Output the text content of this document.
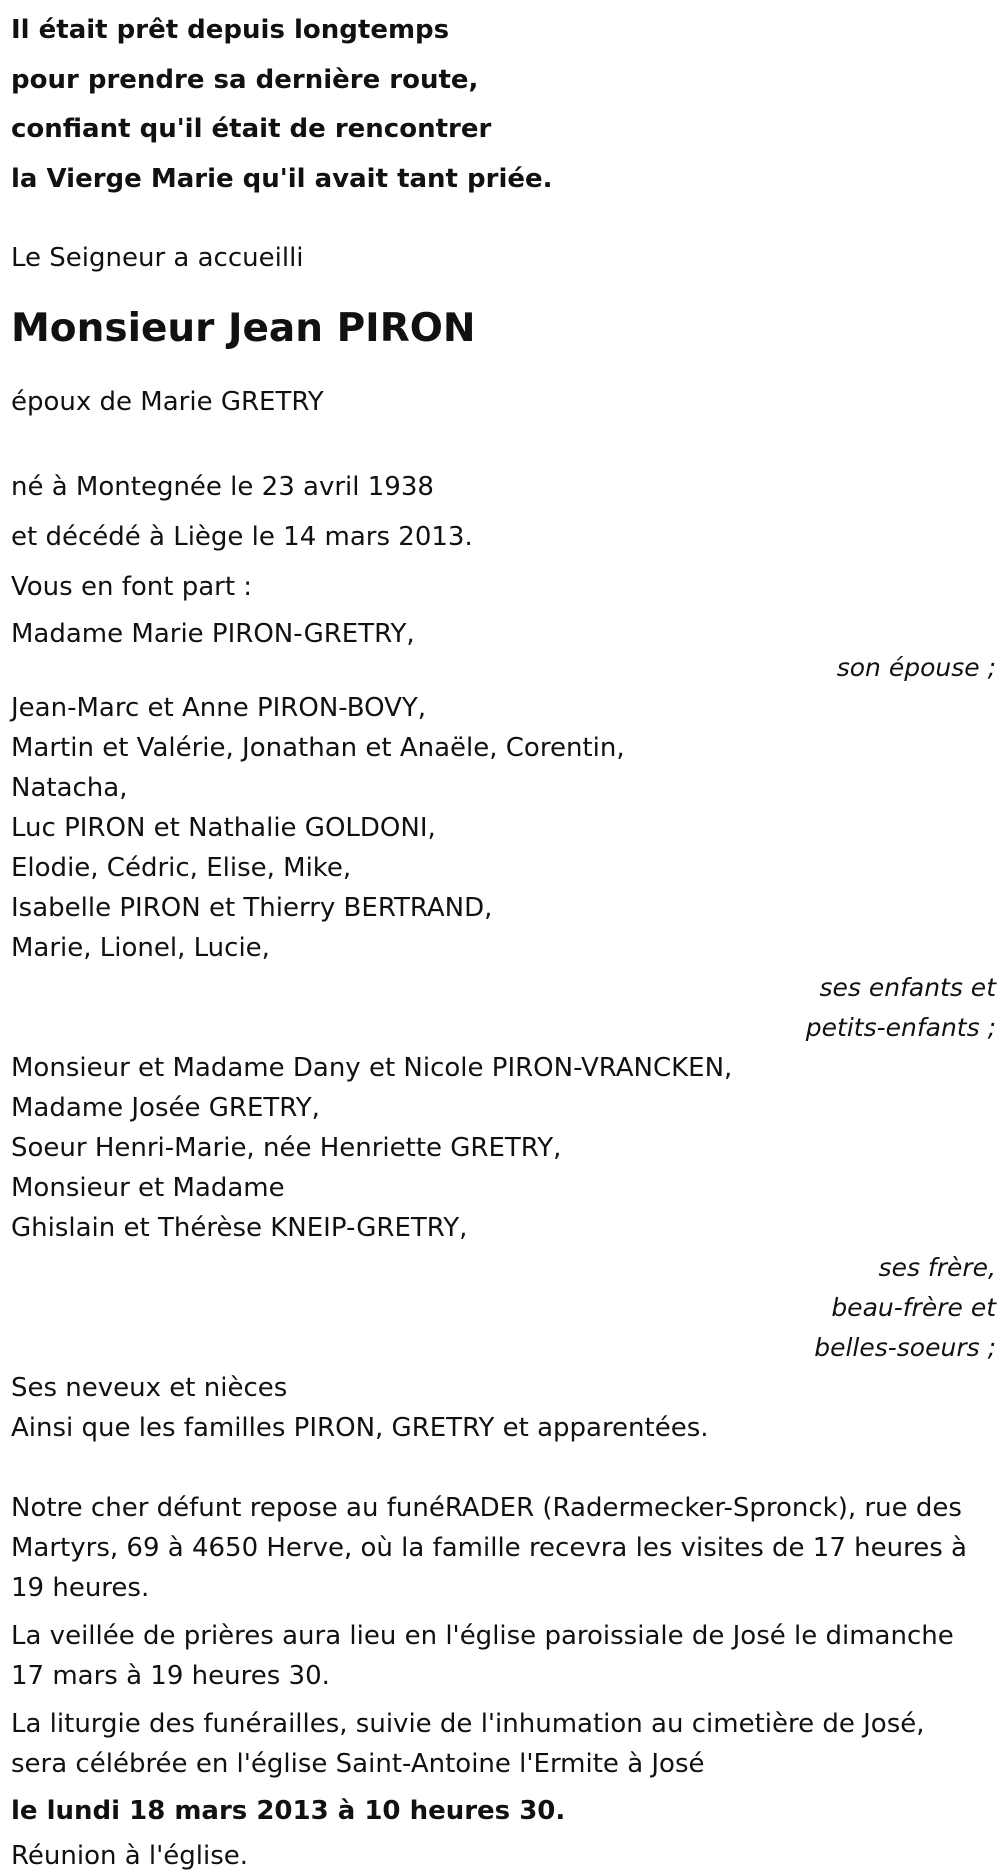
Il était prêt depuis longtemps
pour prendre sa dernière route,
confiant qu'il était de rencontrer
la Vierge Marie qu'il avait tant priée.
Le Seigneur a accueilli
Monsieur Jean PIRON
époux de Marie GRETRY
né à Montegnée le 23 avril 1938
et décédé à Liège le 14 mars 2013.
Vous en font part :
Madame Marie PIRON-GRETRY,
son épouse ;
Jean-Marc et Anne PIRON-BOVY,
Martin et Valérie, Jonathan et Anaële, Corentin,
Natacha,
Luc PIRON et Nathalie GOLDONI,
Elodie, Cédric, Elise, Mike,
Isabelle PIRON et Thierry BERTRAND,
Marie, Lionel, Lucie,
ses enfants et
petits-enfants ;
Monsieur et Madame Dany et Nicole PIRON-VRANCKEN,
Madame Josée GRETRY,
Soeur Henri-Marie, née Henriette GRETRY,
Monsieur et Madame
Ghislain et Thérèse KNEIP-GRETRY,
ses frère,
beau-frère et
belles-soeurs ;
Ses neveux et nièces
Ainsi que les familles PIRON, GRETRY et apparentées.
Notre cher défunt repose au funéRADER (Radermecker-Spronck), rue des Martyrs, 69 à 4650 Herve, où la famille recevra les visites de 17 heures à 19 heures.
La veillée de prières aura lieu en l'église paroissiale de José le dimanche 17 mars à 19 heures 30.
La liturgie des funérailles, suivie de l'inhumation au cimetière de José, sera célébrée en l'église Saint-Antoine l'Ermite à José
le lundi 18 mars 2013 à 10 heures 30.
Réunion à l'église.
